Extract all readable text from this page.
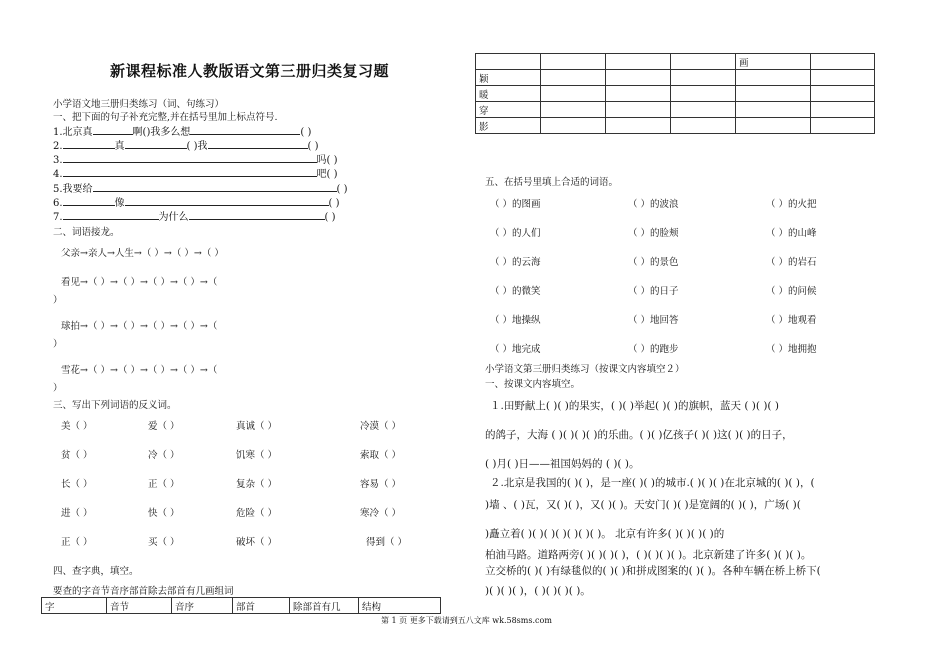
新课程标准人教版语文第三册归类复习题
小学语文地三册归类练习（词、句练习）
一、把下面的句子补充完整,并在括号里加上标点符号.
1.北京真	啊()我多么想	( )
2.	真	( )我	( )
3.	吗( )
4.	吧( )
5.我要给	( )
6.	像	( )
7.	为什么	( )
二、词语接龙。
父亲→亲人→人生→（ ）→（ ）→（ ）
看见→（ ）→（ ）→（ ）→（ ）→（
）
球拍→（ ）→（ ）→（ ）→（ ）→（
）
雪花→（ ）→（ ）→（ ）→（ ）→（
）
三、写出下列词语的反义词。
美（ ）	爱（ ）	真诚（ ）	冷漠（ ）
贫（ ）	冷（ ）	饥寒（ ）	索取（ ）
长（ ）	正（ ）	复杂（ ）	容易（ ）
进（ ）	快（ ）	危险（ ）	寒冷（ ）
正（ ）	买（ ）	破坏（ ）	得到（ ）
四、查字典，填空。
要查的字音节音序部首除去部首有几画组词
字	音节	音序	部首	除部首有几	结构
				画	
颖					
暖					
穿					
影					
五、在括号里填上合适的词语。
（ ）的图画	（ ）的波浪	（ ）的火把
（ ）的人们	（ ）的脸颊	（ ）的山峰
（ ）的云海	（ ）的景色	（ ）的岩石
（ ）的微笑	（ ）的日子	（ ）的问候
（ ）地操纵	（ ）地回答	（ ）地观看
（ ）地完成	（ ）的跑步	（ ）地拥抱
小学语文第三册归类练习（按课文内容填空２）
一、按课文内容填空。
１.田野献上( )( )的果实，( )( )举起( )( )的旗帜，蓝天 ( )( )( )
的鸽子，大海 ( )( )( )( )的乐曲。( )( )亿孩子( )( )这( )( )的日子，
( )月( )日——祖国妈妈的 ( )( )。
２.北京是我国的( )( )，是一座( )( )的城市.( )( )( )在北京城的( )( )，(
)墙 、( )瓦，又( )( )，又( )( )。天安门( )( )是宽阔的( )( )，广场( )(
)矗立着( )( )( )( )( )( )( )。 北京有许多( )( )( )( )的
柏油马路。道路两旁( )( )( )( )，( )( )( )( )。北京新建了许多( )( )( )。
立交桥的( )( )有绿毯似的( )( )和拼成图案的( )( )。各种车辆在桥上桥下(
)( )( )( )，( )( )( )( )。
第 1 页 更多下载请到五八文库 wk.58sms.com
